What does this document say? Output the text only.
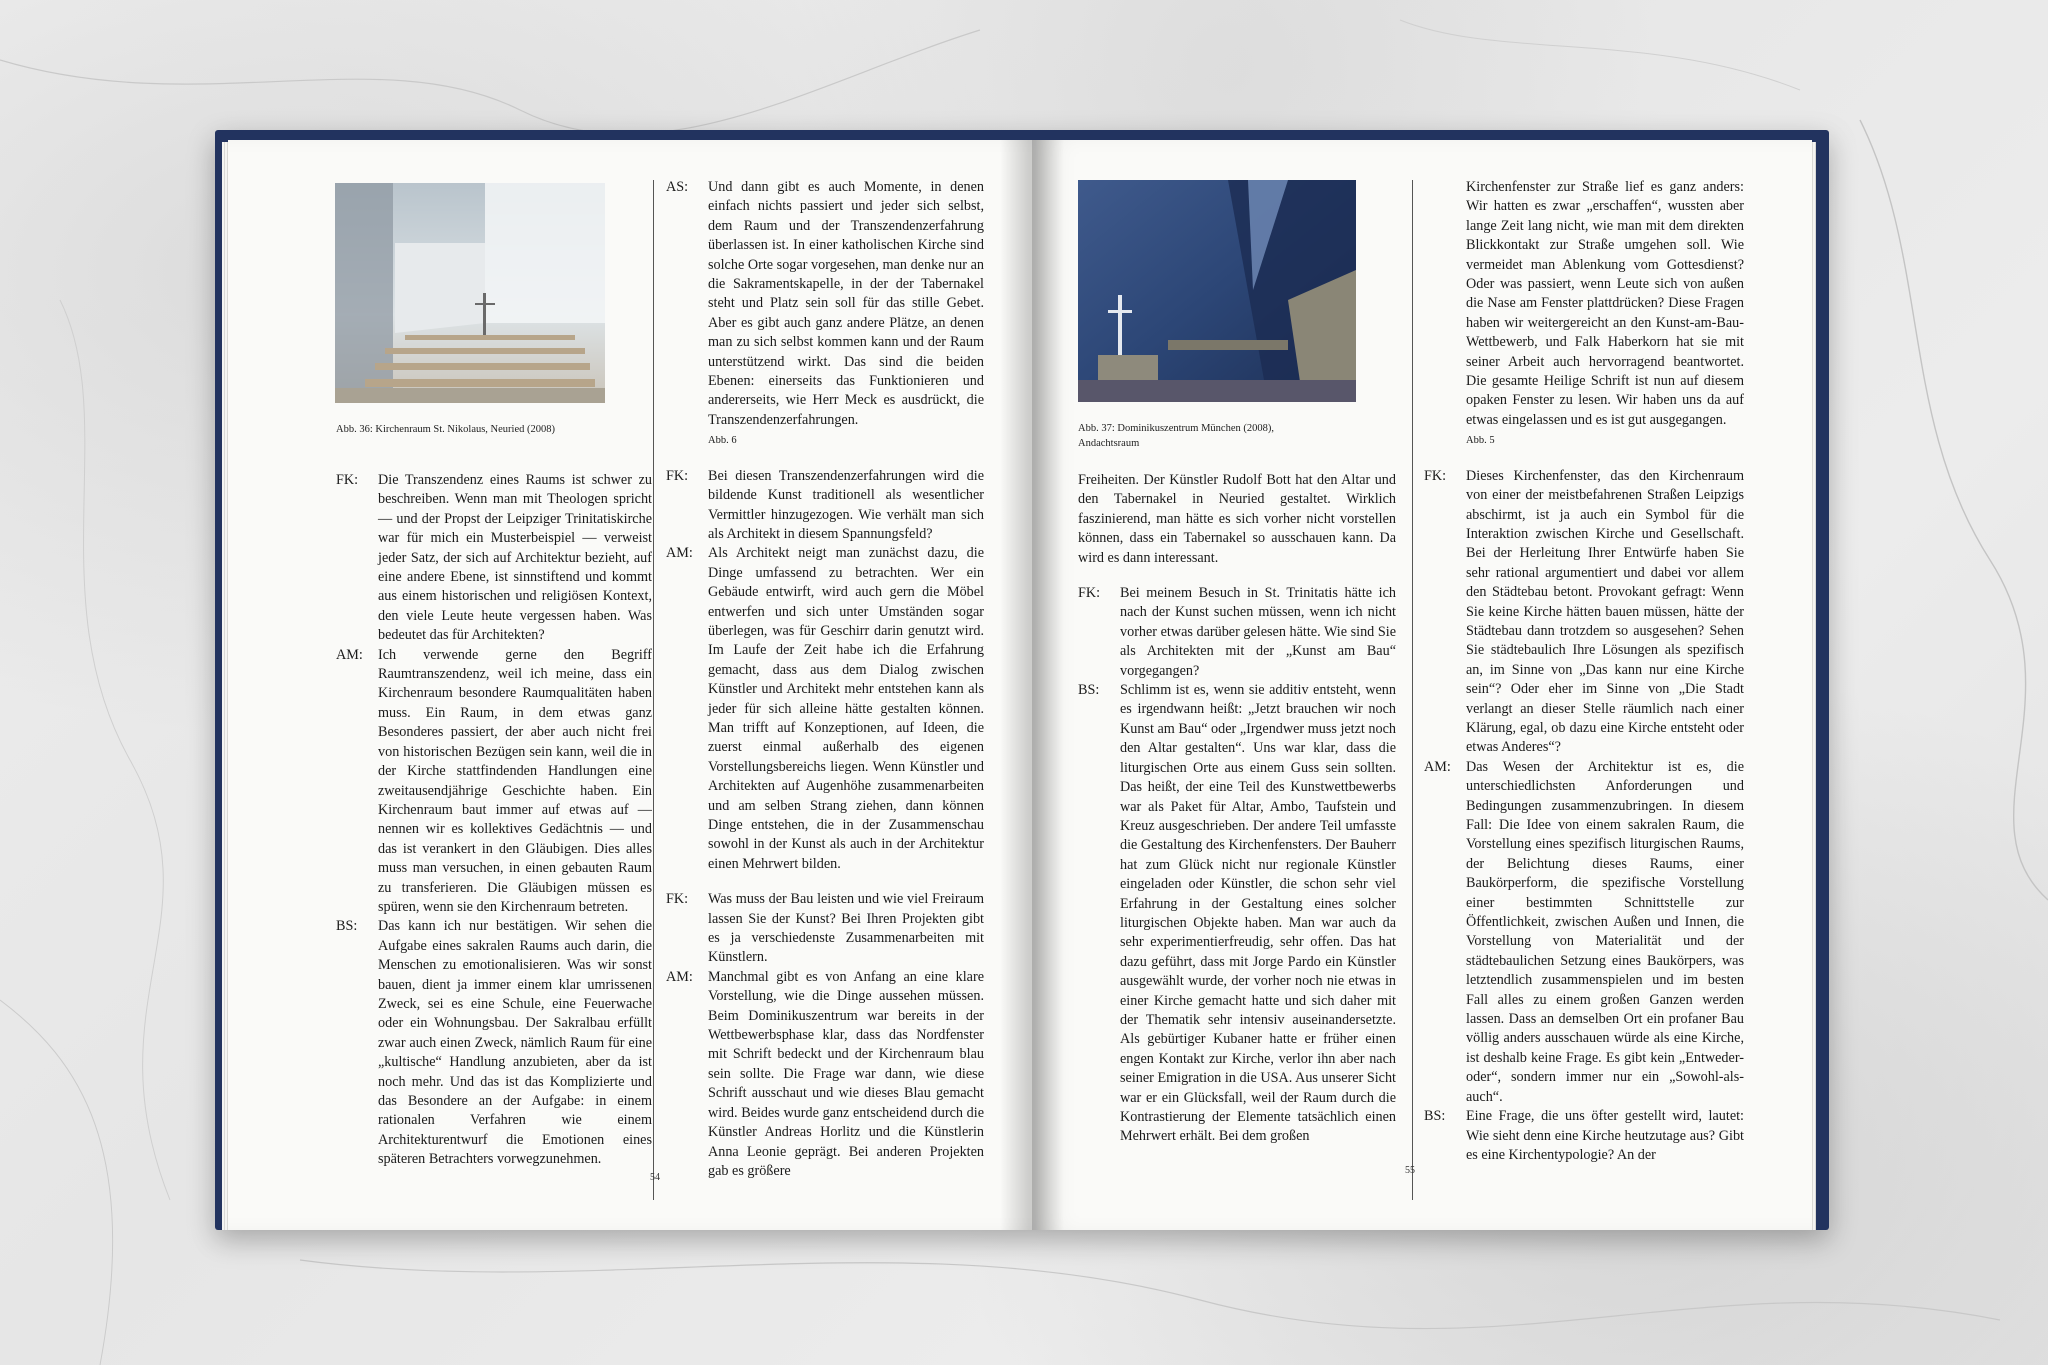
Abb. 36: Kirchenraum St. Nikolaus, Neuried (2008)
FK:	Die Transzendenz eines Raums ist schwer zu beschreiben. Wenn man mit Theologen spricht — und der Propst der Leipziger Trinitatiskirche war für mich ein Musterbeispiel — verweist jeder Satz, der sich auf Architektur bezieht, auf eine andere Ebene, ist sinnstiftend und kommt aus einem historischen und religiösen Kontext, den viele Leute heute vergessen haben. Was bedeutet das für Architekten?
AM:	Ich verwende gerne den Begriff Raumtranszendenz, weil ich meine, dass ein Kirchenraum besondere Raumqualitäten haben muss. Ein Raum, in dem etwas ganz Besonderes passiert, der aber auch nicht frei von historischen Bezügen sein kann, weil die in der Kirche stattfindenden Handlungen eine zweitausendjährige Geschichte haben. Ein Kirchenraum baut immer auf etwas auf — nennen wir es kollektives Gedächtnis — und das ist verankert in den Gläubigen. Dies alles muss man versuchen, in einen gebauten Raum zu transferieren. Die Gläubigen müssen es spüren, wenn sie den Kirchenraum betreten.
BS:	Das kann ich nur bestätigen. Wir sehen die Aufgabe eines sakralen Raums auch darin, die Menschen zu emotionalisieren. Was wir sonst bauen, dient ja immer einem klar umrissenen Zweck, sei es eine Schule, eine Feuerwache oder ein Wohnungsbau. Der Sakralbau erfüllt zwar auch einen Zweck, nämlich Raum für eine „kultische“ Handlung anzubieten, aber da ist noch mehr. Und das ist das Komplizierte und das Besondere an der Aufgabe: in einem rationalen Verfahren wie einem Architekturentwurf die Emotionen eines späteren Betrachters vorwegzunehmen.
54
AS:	Und dann gibt es auch Momente, in denen einfach nichts passiert und jeder sich selbst, dem Raum und der Transzendenzerfahrung überlassen ist. In einer katholischen Kirche sind solche Orte sogar vorgesehen, man denke nur an die Sakramentskapelle, in der der Tabernakel steht und Platz sein soll für das stille Gebet. Aber es gibt auch ganz andere Plätze, an denen man zu sich selbst kommen kann und der Raum unterstützend wirkt. Das sind die beiden Ebenen: einerseits das Funktionieren und andererseits, wie Herr Meck es ausdrückt, die Transzendenzerfahrungen.
Abb. 6
FK:	Bei diesen Transzendenzerfahrungen wird die bildende Kunst traditionell als wesentlicher Vermittler hinzugezogen. Wie verhält man sich als Architekt in diesem Spannungsfeld?
AM:	Als Architekt neigt man zunächst dazu, die Dinge umfassend zu betrachten. Wer ein Gebäude entwirft, wird auch gern die Möbel entwerfen und sich unter Umständen sogar überlegen, was für Geschirr darin genutzt wird. Im Laufe der Zeit habe ich die Erfahrung gemacht, dass aus dem Dialog zwischen Künstler und Architekt mehr entstehen kann als jeder für sich alleine hätte gestalten können. Man trifft auf Konzeptionen, auf Ideen, die zuerst einmal außerhalb des eigenen Vorstellungsbereichs liegen. Wenn Künstler und Architekten auf Augenhöhe zusammenarbeiten und am selben Strang ziehen, dann können Dinge entstehen, die in der Zusammenschau sowohl in der Kunst als auch in der Architektur einen Mehrwert bilden.
FK:	Was muss der Bau leisten und wie viel Freiraum lassen Sie der Kunst? Bei Ihren Projekten gibt es ja verschiedenste Zusammenarbeiten mit Künstlern.
AM:	Manchmal gibt es von Anfang an eine klare Vorstellung, wie die Dinge aussehen müssen. Beim Dominikuszentrum war bereits in der Wettbewerbsphase klar, dass das Nordfenster mit Schrift bedeckt und der Kirchenraum blau sein sollte. Die Frage war dann, wie diese Schrift ausschaut und wie dieses Blau gemacht wird. Beides wurde ganz entscheidend durch die Künstler Andreas Horlitz und die Künstlerin Anna Leonie geprägt. Bei anderen Projekten gab es größere
Abb. 37: Dominikuszentrum München (2008),
Andachtsraum
Freiheiten. Der Künstler Rudolf Bott hat den Altar und den Tabernakel in Neuried gestaltet. Wirklich faszinierend, man hätte es sich vorher nicht vorstellen können, dass ein Tabernakel so ausschauen kann. Da wird es dann interessant.
FK:	Bei meinem Besuch in St. Trinitatis hätte ich nach der Kunst suchen müssen, wenn ich nicht vorher etwas darüber gelesen hätte. Wie sind Sie als Architekten mit der „Kunst am Bau“ vorgegangen?
BS:	Schlimm ist es, wenn sie additiv entsteht, wenn es irgendwann heißt: „Jetzt brauchen wir noch Kunst am Bau“ oder „Irgendwer muss jetzt noch den Altar gestalten“. Uns war klar, dass die liturgischen Orte aus einem Guss sein sollten. Das heißt, der eine Teil des Kunstwettbewerbs war als Paket für Altar, Ambo, Taufstein und Kreuz ausgeschrieben. Der andere Teil umfasste die Gestaltung des Kirchenfensters. Der Bauherr hat zum Glück nicht nur regionale Künstler eingeladen oder Künstler, die schon sehr viel Erfahrung in der Gestaltung eines solcher liturgischen Objekte haben. Man war auch da sehr experimentierfreudig, sehr offen. Das hat dazu geführt, dass mit Jorge Pardo ein Künstler ausgewählt wurde, der vorher noch nie etwas in einer Kirche gemacht hatte und sich daher mit der Thematik sehr intensiv auseinandersetzte. Als gebürtiger Kubaner hatte er früher einen engen Kontakt zur Kirche, verlor ihn aber nach seiner Emigration in die USA. Aus unserer Sicht war er ein Glücksfall, weil der Raum durch die Kontrastierung der Elemente tatsächlich einen Mehrwert erhält. Bei dem großen
55
Kirchenfenster zur Straße lief es ganz anders: Wir hatten es zwar „erschaffen“, wussten aber lange Zeit lang nicht, wie man mit dem direkten Blickkontakt zur Straße umgehen soll. Wie vermeidet man Ablenkung vom Gottesdienst? Oder was passiert, wenn Leute sich von außen die Nase am Fenster plattdrücken? Diese Fragen haben wir weitergereicht an den Kunst-am-Bau-Wettbewerb, und Falk Haberkorn hat sie mit seiner Arbeit auch hervorragend beantwortet. Die gesamte Heilige Schrift ist nun auf diesem opaken Fenster zu lesen. Wir haben uns da auf etwas eingelassen und es ist gut ausgegangen.
Abb. 5
FK:	Dieses Kirchenfenster, das den Kirchenraum von einer der meistbefahrenen Straßen Leipzigs abschirmt, ist ja auch ein Symbol für die Interaktion zwischen Kirche und Gesellschaft. Bei der Herleitung Ihrer Entwürfe haben Sie sehr rational argumentiert und dabei vor allem den Städtebau betont. Provokant gefragt: Wenn Sie keine Kirche hätten bauen müssen, hätte der Städtebau dann trotzdem so ausgesehen? Sehen Sie städtebaulich Ihre Lösungen als spezifisch an, im Sinne von „Das kann nur eine Kirche sein“? Oder eher im Sinne von „Die Stadt verlangt an dieser Stelle räumlich nach einer Klärung, egal, ob dazu eine Kirche entsteht oder etwas Anderes“?
AM:	Das Wesen der Architektur ist es, die unterschiedlichsten Anforderungen und Bedingungen zusammenzubringen. In diesem Fall: Die Idee von einem sakralen Raum, die Vorstellung eines spezifisch liturgischen Raums, der Belichtung dieses Raums, einer Baukörperform, die spezifische Vorstellung einer bestimmten Schnittstelle zur Öffentlichkeit, zwischen Außen und Innen, die Vorstellung von Materialität und der städtebaulichen Setzung eines Baukörpers, was letztendlich zusammenspielen und im besten Fall alles zu einem großen Ganzen werden lassen. Dass an demselben Ort ein profaner Bau völlig anders ausschauen würde als eine Kirche, ist deshalb keine Frage. Es gibt kein „Entweder-oder“, sondern immer nur ein „Sowohl-als-auch“.
BS:	Eine Frage, die uns öfter gestellt wird, lautet: Wie sieht denn eine Kirche heutzutage aus? Gibt es eine Kirchentypologie? An der
